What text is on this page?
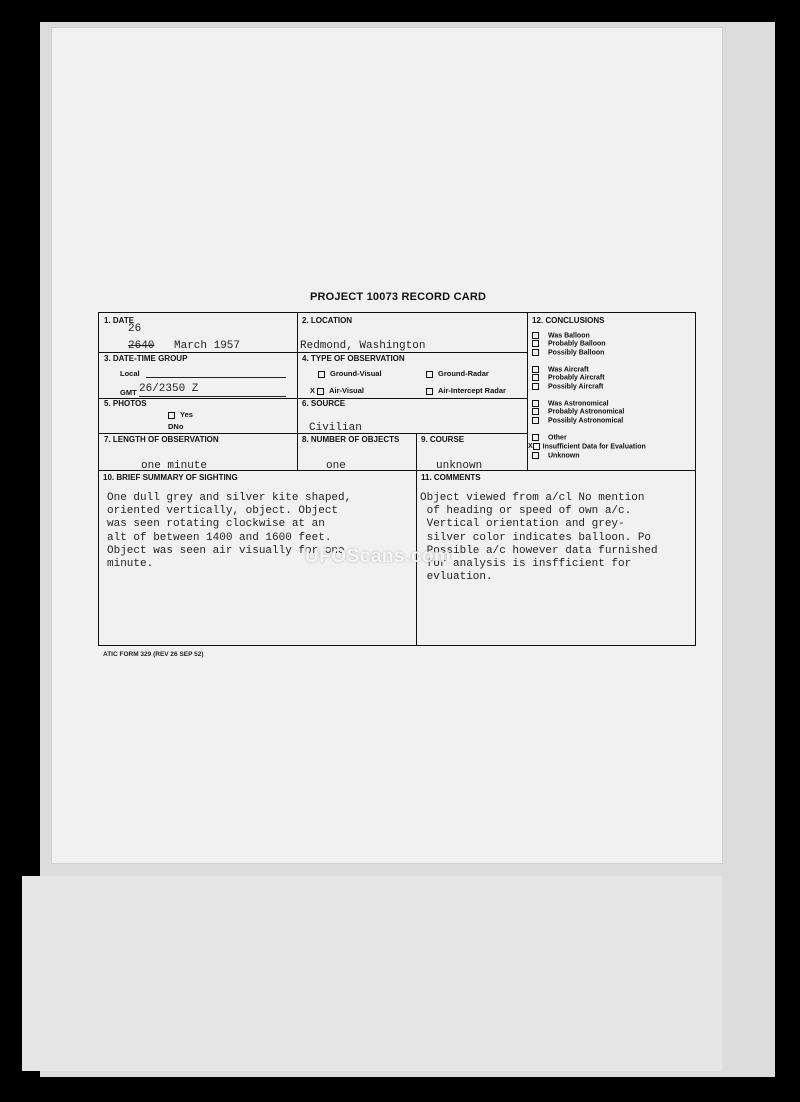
PROJECT 10073 RECORD CARD
1. DATE
26
2640 March 1957
2. LOCATION
Redmond, Washington
3. DATE-TIME GROUP
Local
GMT 26/2350 Z
4. TYPE OF OBSERVATION
Ground-Visual	Ground-Radar
X Air-Visual	Air-Intercept Radar
5. PHOTOS
Yes
DNo
6. SOURCE
Civilian
7. LENGTH OF OBSERVATION
one minute
8. NUMBER OF OBJECTS
one
9. COURSE
unknown
12. CONCLUSIONS
Was Balloon
Probably Balloon
Possibly Balloon
Was Aircraft
Probably Aircraft
Possibly Aircraft
Was Astronomical
Probably Astronomical
Possibly Astronomical
Other
X Insufficient Data for Evaluation
Unknown
10. BRIEF SUMMARY OF SIGHTING
One dull grey and silver kite shaped,
oriented vertically, object. Object
was seen rotating clockwise at an
alt of between 1400 and 1600 feet.
Object was seen air visually for one
minute.
11. COMMENTS
Object viewed from a/cl No mention
of heading or speed of own a/c.
Vertical orientation and grey-
silver color indicates balloon. Po
Possible a/c however data furnished
for analysis is insfficient for
evluation.
ATIC FORM 329 (REV 26 SEP 52)
UFOScans.com
